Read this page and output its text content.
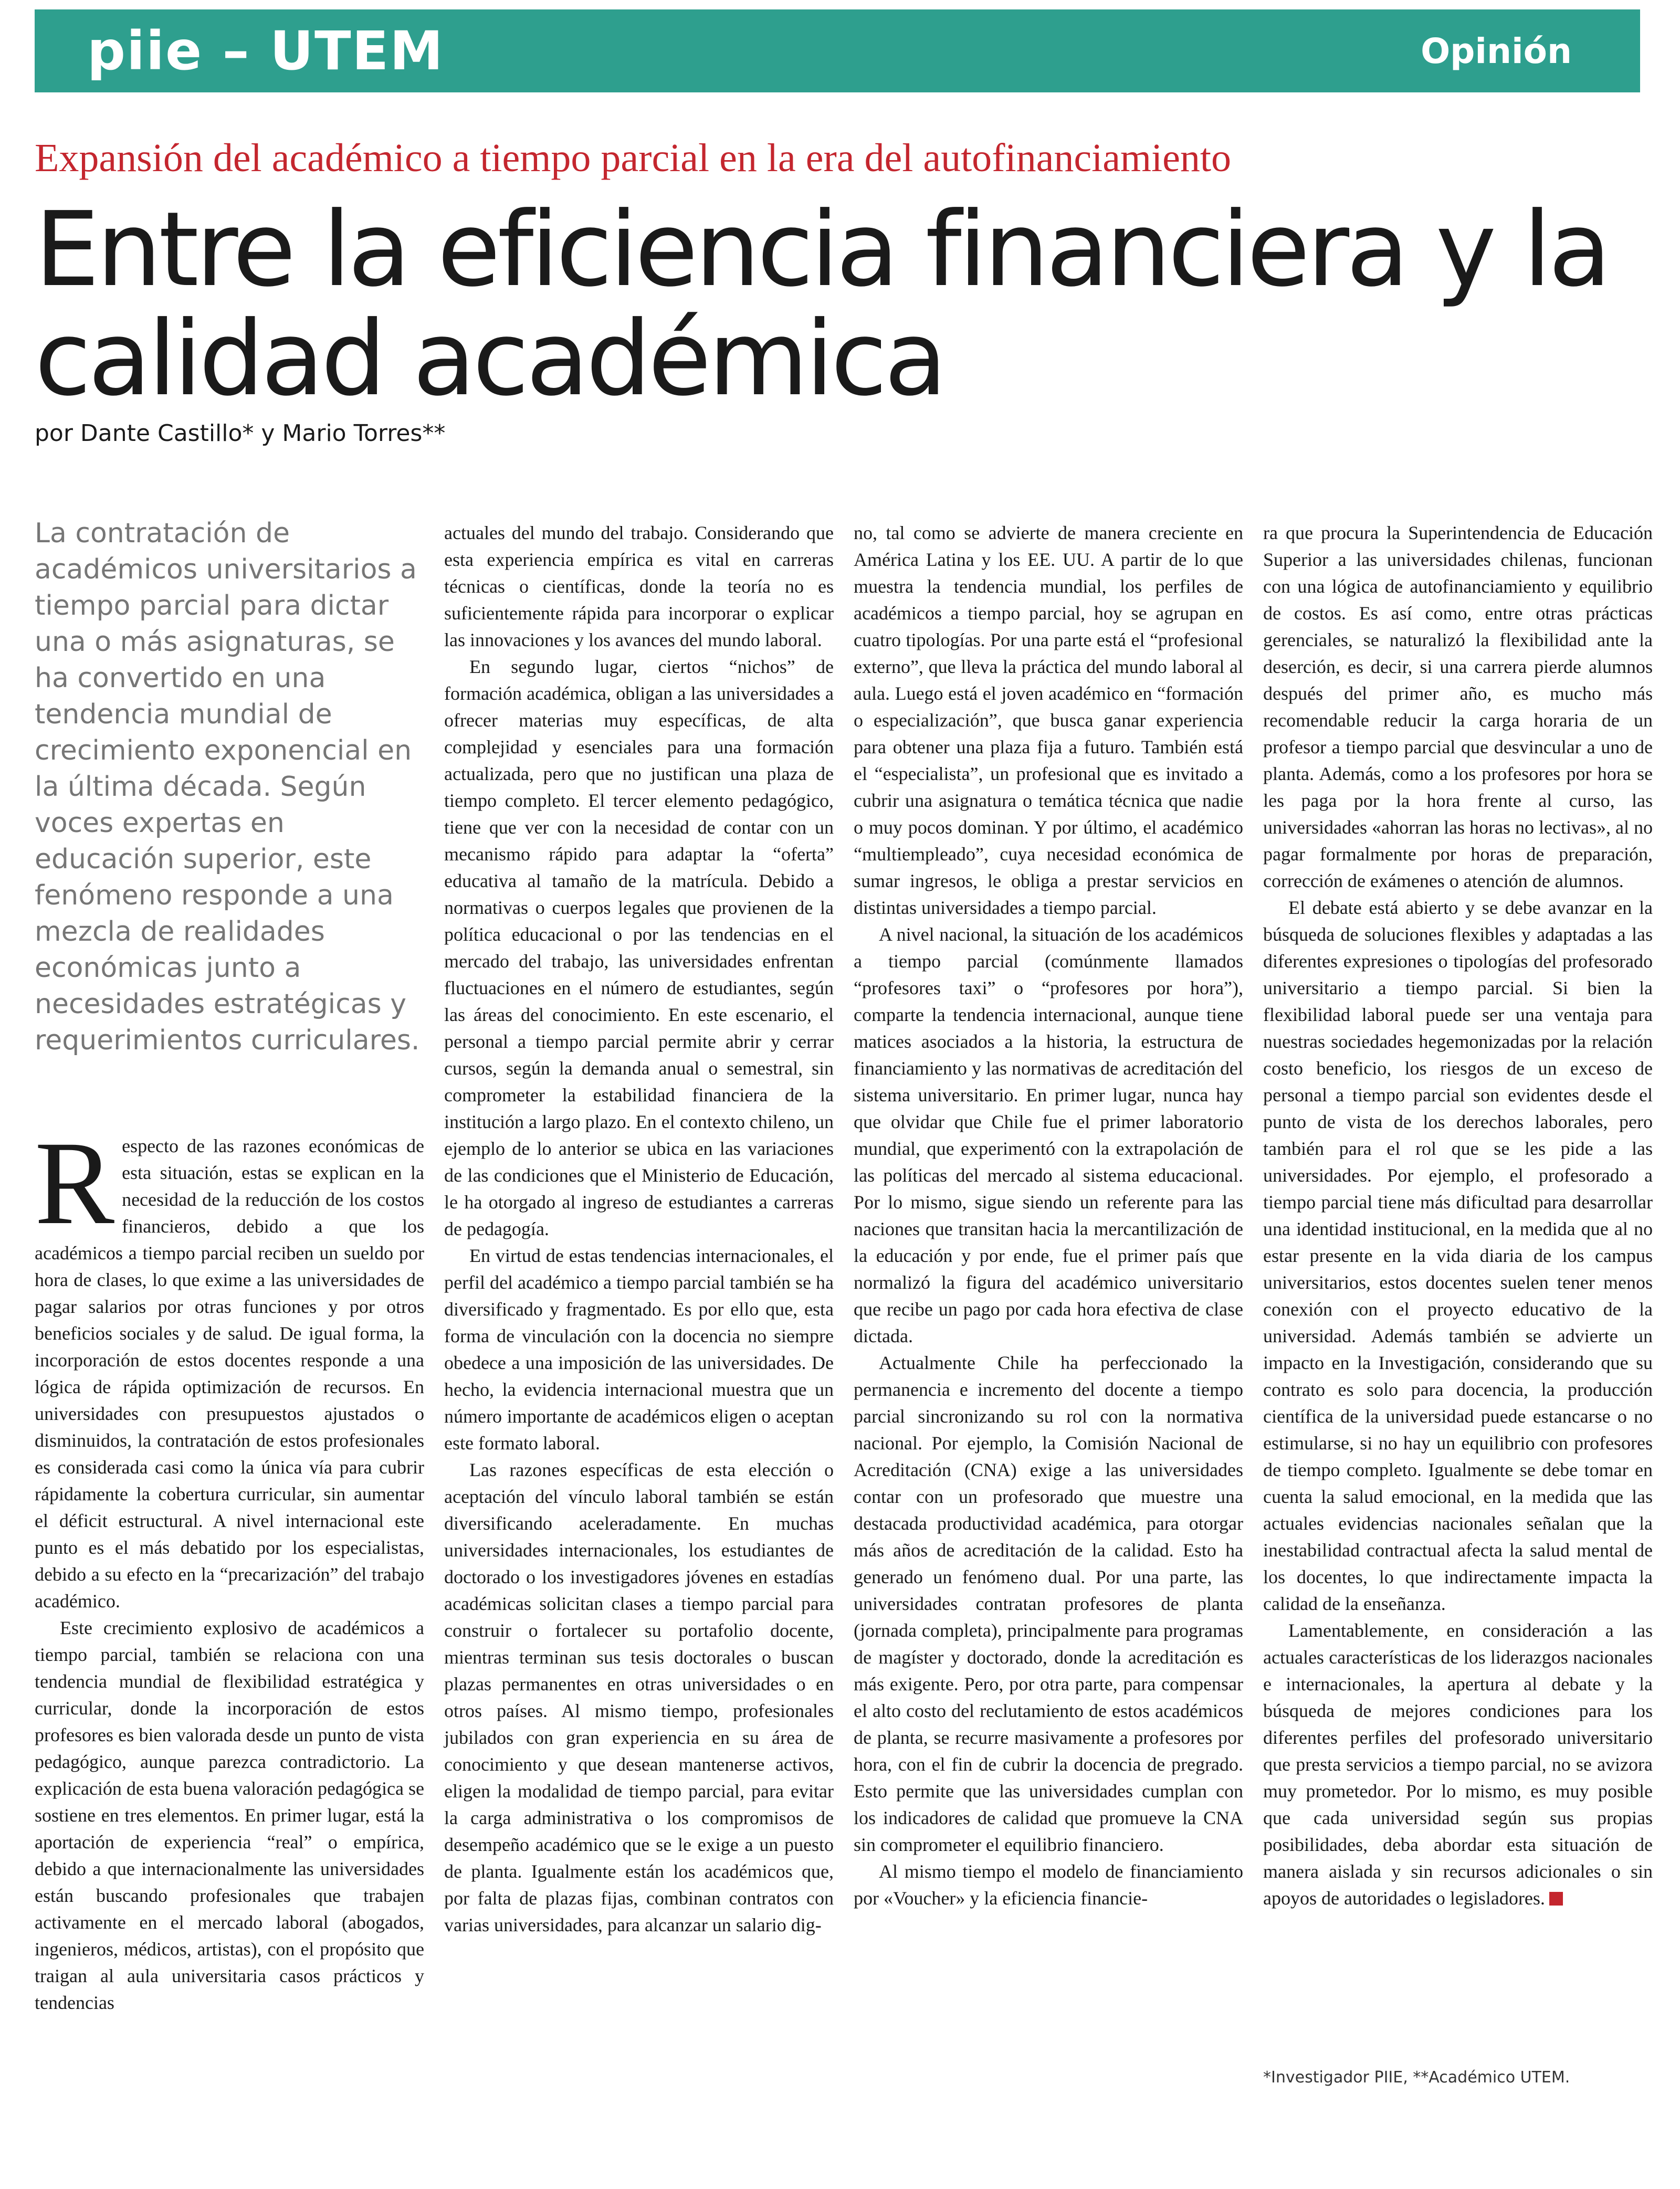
piie – UTEM	Opinión
Expansión del académico a tiempo parcial en la era del autofinanciamiento
Entre la eficiencia financiera y la calidad académica
por Dante Castillo* y Mario Torres**
La contratación de académicos universitarios a tiempo parcial para dictar una o más asignaturas, se ha convertido en una tendencia mundial de crecimiento exponencial en la última década. Según voces expertas en educación superior, este fenómeno responde a una mezcla de realidades económicas junto a necesidades estratégicas y requerimientos curriculares.

Respecto de las razones económicas de esta situación, estas se explican en la necesidad de la reducción de los costos financieros, debido a que los académicos a tiempo parcial reciben un sueldo por hora de clases, lo que exime a las universidades de pagar salarios por otras funciones y por otros beneficios sociales y de salud. De igual forma, la incorporación de estos docentes responde a una lógica de rápida optimización de recursos. En universidades con presupuestos ajustados o disminuidos, la contratación de estos profesionales es considerada casi como la única vía para cubrir rápidamente la cobertura curricular, sin aumentar el déficit estructural. A nivel internacional este punto es el más debatido por los especialistas, debido a su efecto en la “precarización” del trabajo académico.

Este crecimiento explosivo de académicos a tiempo parcial, también se relaciona con una tendencia mundial de flexibilidad estratégica y curricular, donde la incorporación de estos profesores es bien valorada desde un punto de vista pedagógico, aunque parezca contradictorio. La explicación de esta buena valoración pedagógica se sostiene en tres elementos. En primer lugar, está la aportación de experiencia “real” o empírica, debido a que internacionalmente las universidades están buscando profesionales que trabajen activamente en el mercado laboral (abogados, ingenieros, médicos, artistas), con el propósito que traigan al aula universitaria casos prácticos y tendencias

actuales del mundo del trabajo. Considerando que esta experiencia empírica es vital en carreras técnicas o científicas, donde la teoría no es suficientemente rápida para incorporar o explicar las innovaciones y los avances del mundo laboral.

En segundo lugar, ciertos “nichos” de formación académica, obligan a las universidades a ofrecer materias muy específicas, de alta complejidad y esenciales para una formación actualizada, pero que no justifican una plaza de tiempo completo. El tercer elemento pedagógico, tiene que ver con la necesidad de contar con un mecanismo rápido para adaptar la “oferta” educativa al tamaño de la matrícula. Debido a normativas o cuerpos legales que provienen de la política educacional o por las tendencias en el mercado del trabajo, las universidades enfrentan fluctuaciones en el número de estudiantes, según las áreas del conocimiento. En este escenario, el personal a tiempo parcial permite abrir y cerrar cursos, según la demanda anual o semestral, sin comprometer la estabilidad financiera de la institución a largo plazo. En el contexto chileno, un ejemplo de lo anterior se ubica en las variaciones de las condiciones que el Ministerio de Educación, le ha otorgado al ingreso de estudiantes a carreras de pedagogía.

En virtud de estas tendencias internacionales, el perfil del académico a tiempo parcial también se ha diversificado y fragmentado. Es por ello que, esta forma de vinculación con la docencia no siempre obedece a una imposición de las universidades. De hecho, la evidencia internacional muestra que un número importante de académicos eligen o aceptan este formato laboral.

Las razones específicas de esta elección o aceptación del vínculo laboral también se están diversificando aceleradamente. En muchas universidades internacionales, los estudiantes de doctorado o los investigadores jóvenes en estadías académicas solicitan clases a tiempo parcial para construir o fortalecer su portafolio docente, mientras terminan sus tesis doctorales o buscan plazas permanentes en otras universidades o en otros países. Al mismo tiempo, profesionales jubilados con gran experiencia en su área de conocimiento y que desean mantenerse activos, eligen la modalidad de tiempo parcial, para evitar la carga administrativa o los compromisos de desempeño académico que se le exige a un puesto de planta. Igualmente están los académicos que, por falta de plazas fijas, combinan contratos con varias universidades, para alcanzar un salario dig-

no, tal como se advierte de manera creciente en América Latina y los EE. UU. A partir de lo que muestra la tendencia mundial, los perfiles de académicos a tiempo parcial, hoy se agrupan en cuatro tipologías. Por una parte está el “profesional externo”, que lleva la práctica del mundo laboral al aula. Luego está el joven académico en “formación o especialización”, que busca ganar experiencia para obtener una plaza fija a futuro. También está el “especialista”, un profesional que es invitado a cubrir una asignatura o temática técnica que nadie o muy pocos dominan. Y por último, el académico “multiempleado”, cuya necesidad económica de sumar ingresos, le obliga a prestar servicios en distintas universidades a tiempo parcial.

A nivel nacional, la situación de los académicos a tiempo parcial (comúnmente llamados “profesores taxi” o “profesores por hora”), comparte la tendencia internacional, aunque tiene matices asociados a la historia, la estructura de financiamiento y las normativas de acreditación del sistema universitario. En primer lugar, nunca hay que olvidar que Chile fue el primer laboratorio mundial, que experimentó con la extrapolación de las políticas del mercado al sistema educacional. Por lo mismo, sigue siendo un referente para las naciones que transitan hacia la mercantilización de la educación y por ende, fue el primer país que normalizó la figura del académico universitario que recibe un pago por cada hora efectiva de clase dictada.

Actualmente Chile ha perfeccionado la permanencia e incremento del docente a tiempo parcial sincronizando su rol con la normativa nacional. Por ejemplo, la Comisión Nacional de Acreditación (CNA) exige a las universidades contar con un profesorado que muestre una destacada productividad académica, para otorgar más años de acreditación de la calidad. Esto ha generado un fenómeno dual. Por una parte, las universidades contratan profesores de planta (jornada completa), principalmente para programas de magíster y doctorado, donde la acreditación es más exigente. Pero, por otra parte, para compensar el alto costo del reclutamiento de estos académicos de planta, se recurre masivamente a profesores por hora, con el fin de cubrir la docencia de pregrado. Esto permite que las universidades cumplan con los indicadores de calidad que promueve la CNA sin comprometer el equilibrio financiero.

Al mismo tiempo el modelo de financiamiento por «Voucher» y la eficiencia financie-

ra que procura la Superintendencia de Educación Superior a las universidades chilenas, funcionan con una lógica de autofinanciamiento y equilibrio de costos. Es así como, entre otras prácticas gerenciales, se naturalizó la flexibilidad ante la deserción, es decir, si una carrera pierde alumnos después del primer año, es mucho más recomendable reducir la carga horaria de un profesor a tiempo parcial que desvincular a uno de planta. Además, como a los profesores por hora se les paga por la hora frente al curso, las universidades «ahorran las horas no lectivas», al no pagar formalmente por horas de preparación, corrección de exámenes o atención de alumnos.

El debate está abierto y se debe avanzar en la búsqueda de soluciones flexibles y adaptadas a las diferentes expresiones o tipologías del profesorado universitario a tiempo parcial. Si bien la flexibilidad laboral puede ser una ventaja para nuestras sociedades hegemonizadas por la relación costo beneficio, los riesgos de un exceso de personal a tiempo parcial son evidentes desde el punto de vista de los derechos laborales, pero también para el rol que se les pide a las universidades. Por ejemplo, el profesorado a tiempo parcial tiene más dificultad para desarrollar una identidad institucional, en la medida que al no estar presente en la vida diaria de los campus universitarios, estos docentes suelen tener menos conexión con el proyecto educativo de la universidad. Además también se advierte un impacto en la Investigación, considerando que su contrato es solo para docencia, la producción científica de la universidad puede estancarse o no estimularse, si no hay un equilibrio con profesores de tiempo completo. Igualmente se debe tomar en cuenta la salud emocional, en la medida que las actuales evidencias nacionales señalan que la inestabilidad contractual afecta la salud mental de los docentes, lo que indirectamente impacta la calidad de la enseñanza.

Lamentablemente, en consideración a las actuales características de los liderazgos nacionales e internacionales, la apertura al debate y la búsqueda de mejores condiciones para los diferentes perfiles del profesorado universitario que presta servicios a tiempo parcial, no se avizora muy prometedor. Por lo mismo, es muy posible que cada universidad según sus propias posibilidades, deba abordar esta situación de manera aislada y sin recursos adicionales o sin apoyos de autoridades o legisladores.

*Investigador PIIE, **Académico UTEM.
